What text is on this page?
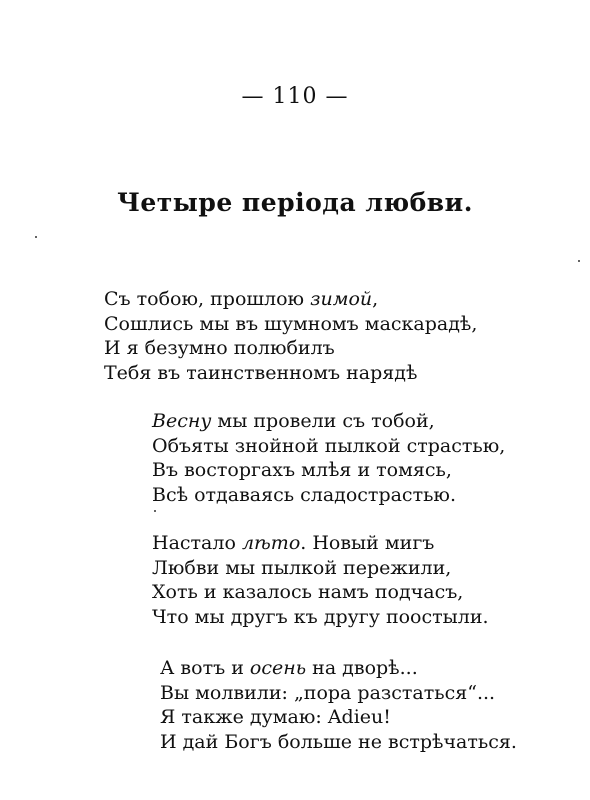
— 110 —
Четыре періода любви.
Съ тобою, прошлою зимой,
Сошлись мы въ шумномъ маскарадѣ,
И я безумно полюбилъ
Тебя въ таинственномъ нарядѣ
Весну мы провели съ тобой,
Объяты знойной пылкой страстью,
Въ восторгахъ млѣя и томясь,
Всѣ отдаваясь сладострастью.
Настало лѣто. Новый мигъ
Любви мы пылкой пережили,
Хоть и казалось намъ подчасъ,
Что мы другъ къ другу поостыли.
А вотъ и осень на дворѣ...
Вы молвили: „пора разстаться“...
Я также думаю: Adieu!
И дай Богъ больше не встрѣчаться.
